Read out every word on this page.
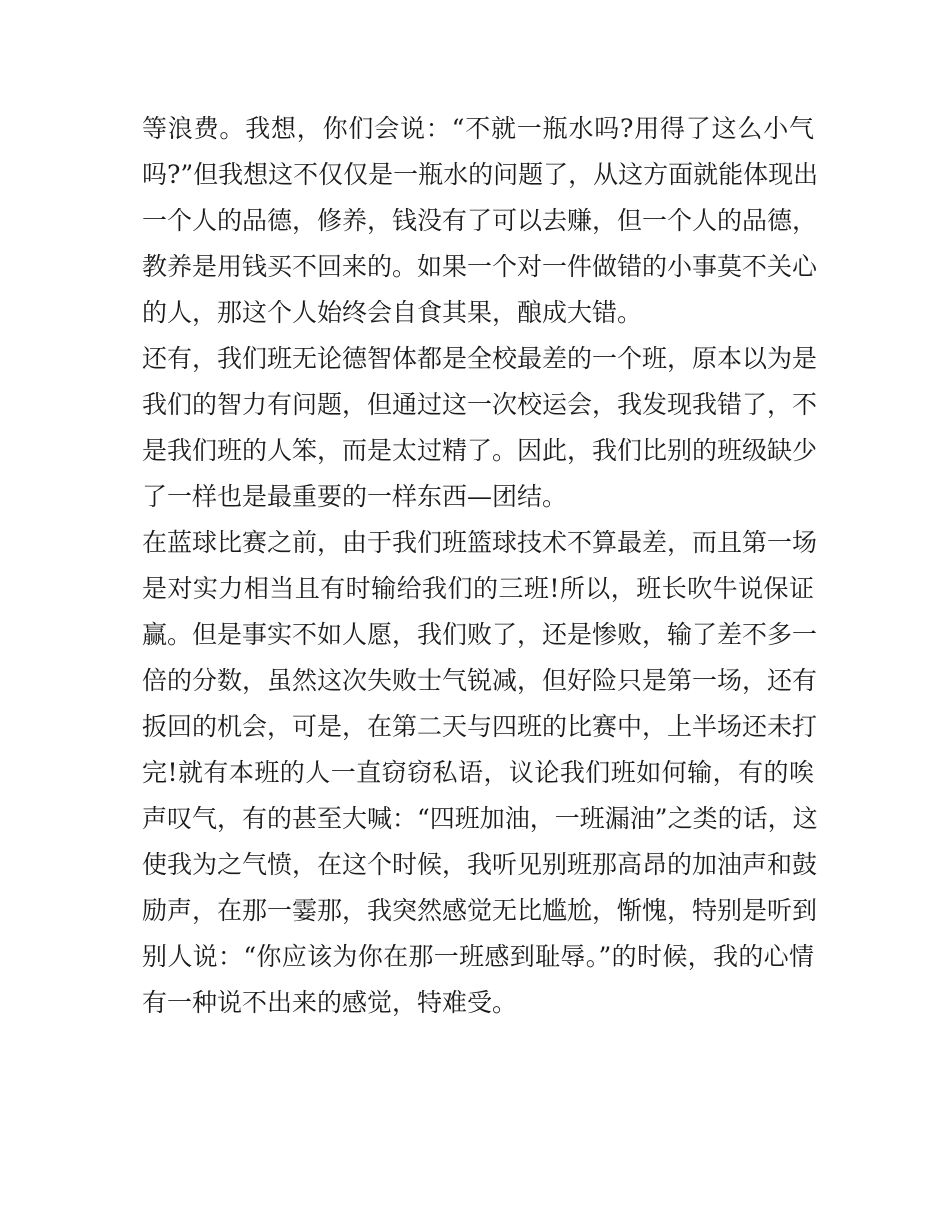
等浪费。我想，你们会说：“不就一瓶水吗?用得了这么小气
吗?”但我想这不仅仅是一瓶水的问题了，从这方面就能体现出
一个人的品德，修养，钱没有了可以去赚，但一个人的品德，
教养是用钱买不回来的。如果一个对一件做错的小事莫不关心
的人，那这个人始终会自食其果，酿成大错。
还有，我们班无论德智体都是全校最差的一个班，原本以为是
我们的智力有问题，但通过这一次校运会，我发现我错了，不
是我们班的人笨，而是太过精了。因此，我们比别的班级缺少
了一样也是最重要的一样东西—团结。
在蓝球比赛之前，由于我们班篮球技术不算最差，而且第一场
是对实力相当且有时输给我们的三班!所以，班长吹牛说保证
赢。但是事实不如人愿，我们败了，还是惨败，输了差不多一
倍的分数，虽然这次失败士气锐减，但好险只是第一场，还有
扳回的机会，可是，在第二天与四班的比赛中，上半场还未打
完!就有本班的人一直窃窃私语，议论我们班如何输，有的唉
声叹气，有的甚至大喊：“四班加油，一班漏油”之类的话，这
使我为之气愤，在这个时候，我听见别班那高昂的加油声和鼓
励声，在那一霎那，我突然感觉无比尴尬，惭愧，特别是听到
别人说：“你应该为你在那一班感到耻辱。”的时候，我的心情
有一种说不出来的感觉，特难受。
